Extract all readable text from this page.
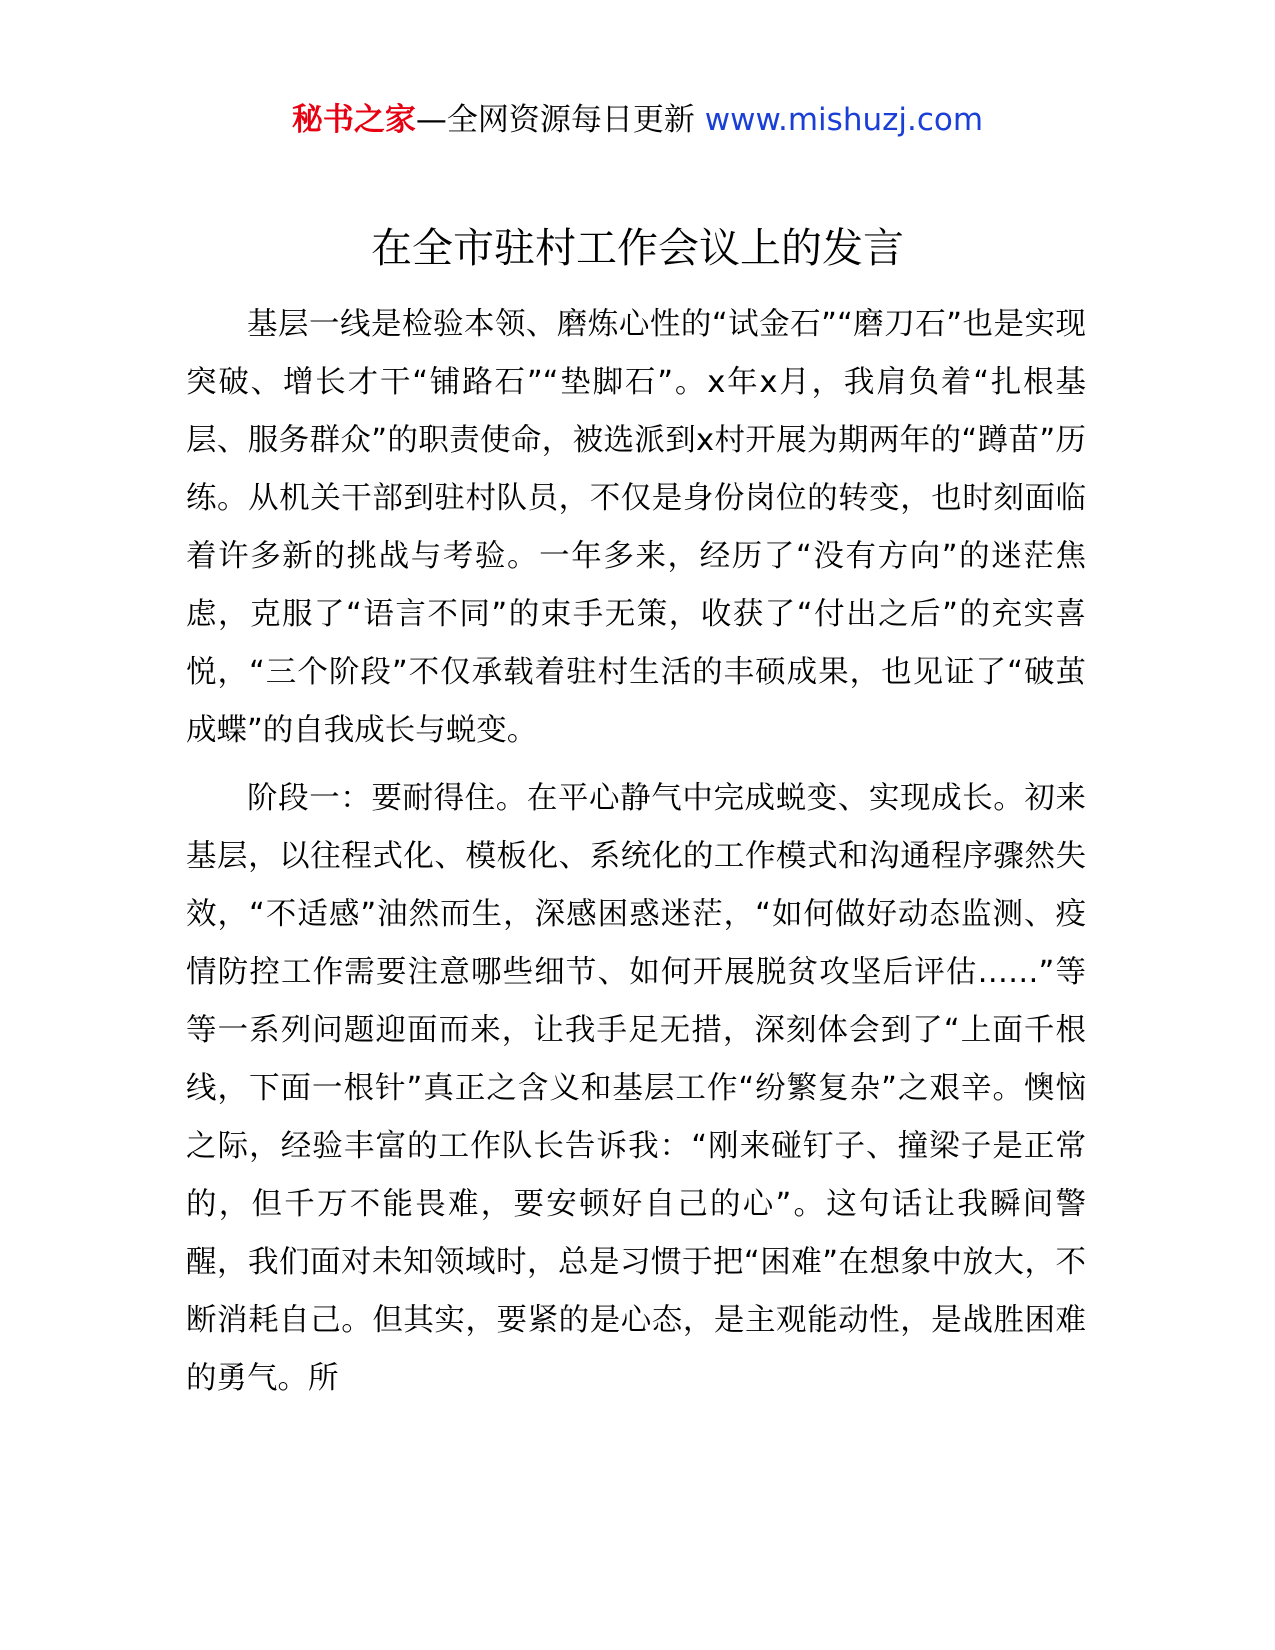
秘书之家—全网资源每日更新 www.mishuzj.com
在全市驻村工作会议上的发言

基层一线是检验本领、磨炼心性的“试金石”“磨刀石”也是实现突破、增长才干“铺路石”“垫脚石”。x年x月，我肩负着“扎根基层、服务群众”的职责使命，被选派到x村开展为期两年的“蹲苗”历练。从机关干部到驻村队员，不仅是身份岗位的转变，也时刻面临着许多新的挑战与考验。一年多来，经历了“没有方向”的迷茫焦虑，克服了“语言不同”的束手无策，收获了“付出之后”的充实喜悦，“三个阶段”不仅承载着驻村生活的丰硕成果，也见证了“破茧成蝶”的自我成长与蜕变。

阶段一：要耐得住。在平心静气中完成蜕变、实现成长。初来基层，以往程式化、模板化、系统化的工作模式和沟通程序骤然失效，“不适感”油然而生，深感困惑迷茫，“如何做好动态监测、疫情防控工作需要注意哪些细节、如何开展脱贫攻坚后评估……”等等一系列问题迎面而来，让我手足无措，深刻体会到了“上面千根线，下面一根针”真正之含义和基层工作“纷繁复杂”之艰辛。懊恼之际，经验丰富的工作队长告诉我：“刚来碰钉子、撞梁子是正常的，但千万不能畏难，要安顿好自己的心”。这句话让我瞬间警醒，我们面对未知领域时，总是习惯于把“困难”在想象中放大，不断消耗自己。但其实，要紧的是心态，是主观能动性，是战胜困难的勇气。所
